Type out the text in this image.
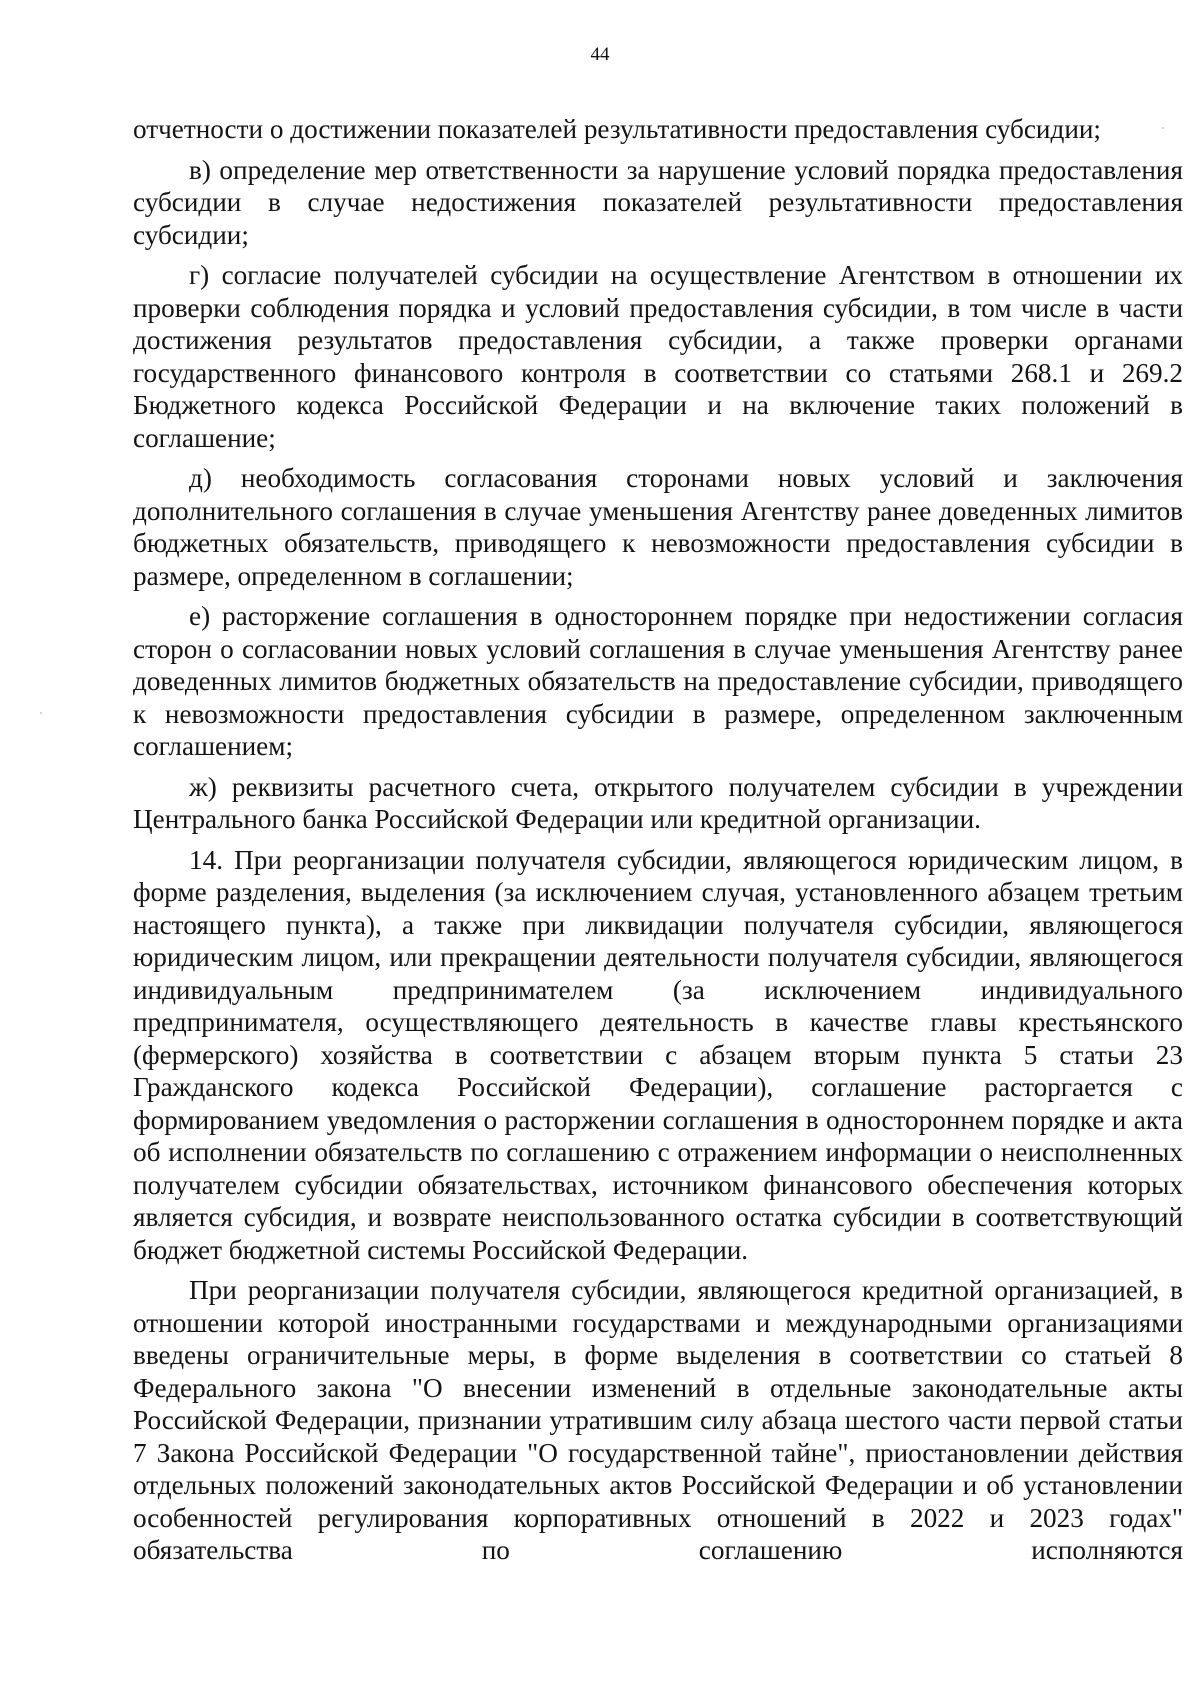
44

отчетности о достижении показателей результативности предоставления субсидии;

в) определение мер ответственности за нарушение условий порядка предоставления субсидии в случае недостижения показателей результативности предоставления субсидии;

г) согласие получателей субсидии на осуществление Агентством в отношении их проверки соблюдения порядка и условий предоставления субсидии, в том числе в части достижения результатов предоставления субсидии, а также проверки органами государственного финансового контроля в соответствии со статьями 268.1 и 269.2 Бюджетного кодекса Российской Федерации и на включение таких положений в соглашение;

д) необходимость согласования сторонами новых условий и заключения дополнительного соглашения в случае уменьшения Агентству ранее доведенных лимитов бюджетных обязательств, приводящего к невозможности предоставления субсидии в размере, определенном в соглашении;

е) расторжение соглашения в одностороннем порядке при недостижении согласия сторон о согласовании новых условий соглашения в случае уменьшения Агентству ранее доведенных лимитов бюджетных обязательств на предоставление субсидии, приводящего к невозможности предоставления субсидии в размере, определенном заключенным соглашением;

ж) реквизиты расчетного счета, открытого получателем субсидии в учреждении Центрального банка Российской Федерации или кредитной организации.

14. При реорганизации получателя субсидии, являющегося юридическим лицом, в форме разделения, выделения (за исключением случая, установленного абзацем третьим настоящего пункта), а также при ликвидации получателя субсидии, являющегося юридическим лицом, или прекращении деятельности получателя субсидии, являющегося индивидуальным предпринимателем (за исключением индивидуального предпринимателя, осуществляющего деятельность в качестве главы крестьянского (фермерского) хозяйства в соответствии с абзацем вторым пункта 5 статьи 23 Гражданского кодекса Российской Федерации), соглашение расторгается с формированием уведомления о расторжении соглашения в одностороннем порядке и акта об исполнении обязательств по соглашению с отражением информации о неисполненных получателем субсидии обязательствах, источником финансового обеспечения которых является субсидия, и возврате неиспользованного остатка субсидии в соответствующий бюджет бюджетной системы Российской Федерации.

При реорганизации получателя субсидии, являющегося кредитной организацией, в отношении которой иностранными государствами и международными организациями введены ограничительные меры, в форме выделения в соответствии со статьей 8 Федерального закона "О внесении изменений в отдельные законодательные акты Российской Федерации, признании утратившим силу абзаца шестого части первой статьи 7 Закона Российской Федерации "О государственной тайне", приостановлении действия отдельных положений законодательных актов Российской Федерации и об установлении особенностей регулирования корпоративных отношений в 2022 и 2023 годах" обязательства по соглашению исполняются
